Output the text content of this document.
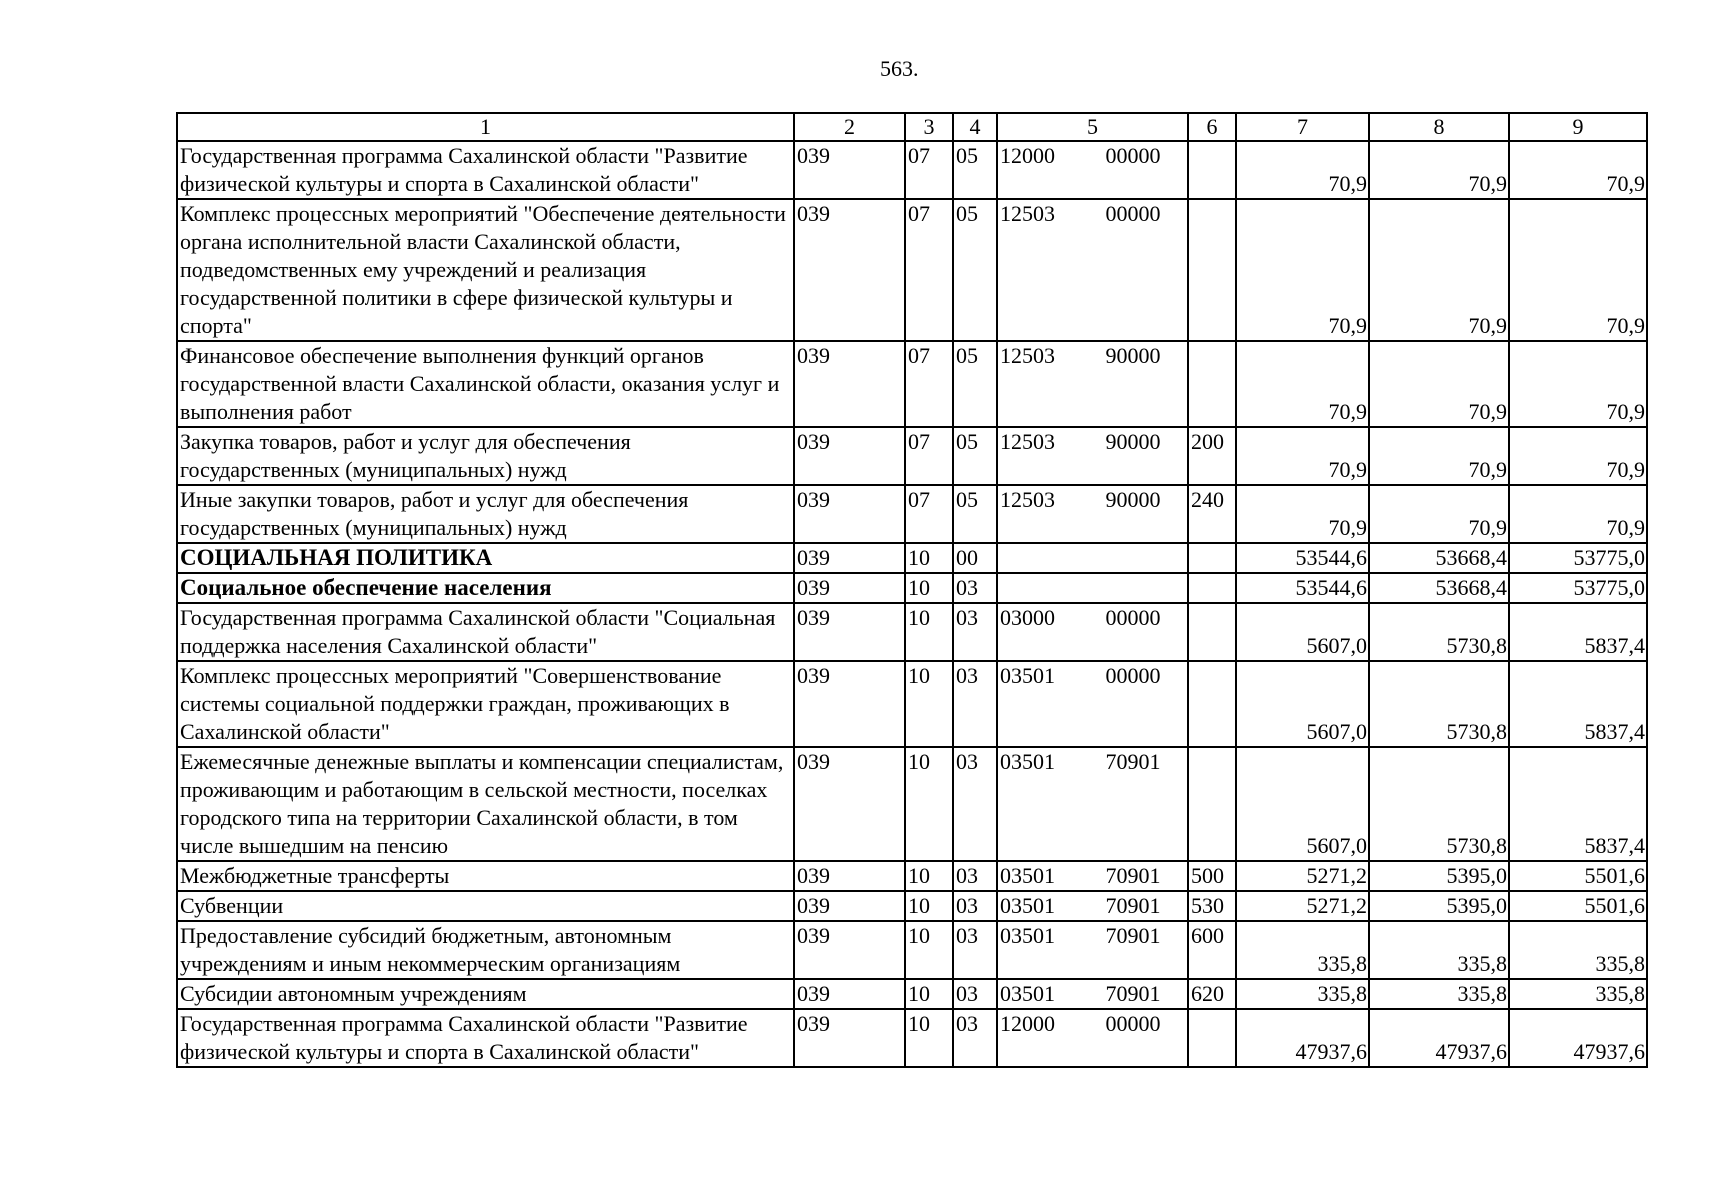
563.
1	2	3	4	5	6	7	8	9
Государственная программа Сахалинской области "Развитие физической культуры и спорта в Сахалинской области"	039	07	05	12000 00000		70,9	70,9	70,9
Комплекс процессных мероприятий "Обеспечение деятельности органа исполнительной власти Сахалинской области, подведомственных ему учреждений и реализация государственной политики в сфере физической культуры и спорта"	039	07	05	12503 00000		70,9	70,9	70,9
Финансовое обеспечение выполнения функций органов государственной власти Сахалинской области, оказания услуг и выполнения работ	039	07	05	12503 90000		70,9	70,9	70,9
Закупка товаров, работ и услуг для обеспечения государственных (муниципальных) нужд	039	07	05	12503 90000	200	70,9	70,9	70,9
Иные закупки товаров, работ и услуг для обеспечения государственных (муниципальных) нужд	039	07	05	12503 90000	240	70,9	70,9	70,9
СОЦИАЛЬНАЯ ПОЛИТИКА	039	10	00			53544,6	53668,4	53775,0
Социальное обеспечение населения	039	10	03			53544,6	53668,4	53775,0
Государственная программа Сахалинской области "Социальная поддержка населения Сахалинской области"	039	10	03	03000 00000		5607,0	5730,8	5837,4
Комплекс процессных мероприятий "Совершенствование системы социальной поддержки граждан, проживающих в Сахалинской области"	039	10	03	03501 00000		5607,0	5730,8	5837,4
Ежемесячные денежные выплаты и компенсации специалистам, проживающим и работающим в сельской местности, поселках городского типа на территории Сахалинской области, в том числе вышедшим на пенсию	039	10	03	03501 70901		5607,0	5730,8	5837,4
Межбюджетные трансферты	039	10	03	03501 70901	500	5271,2	5395,0	5501,6
Субвенции	039	10	03	03501 70901	530	5271,2	5395,0	5501,6
Предоставление субсидий бюджетным, автономным учреждениям и иным некоммерческим организациям	039	10	03	03501 70901	600	335,8	335,8	335,8
Субсидии автономным учреждениям	039	10	03	03501 70901	620	335,8	335,8	335,8
Государственная программа Сахалинской области "Развитие физической культуры и спорта в Сахалинской области"	039	10	03	12000 00000		47937,6	47937,6	47937,6
